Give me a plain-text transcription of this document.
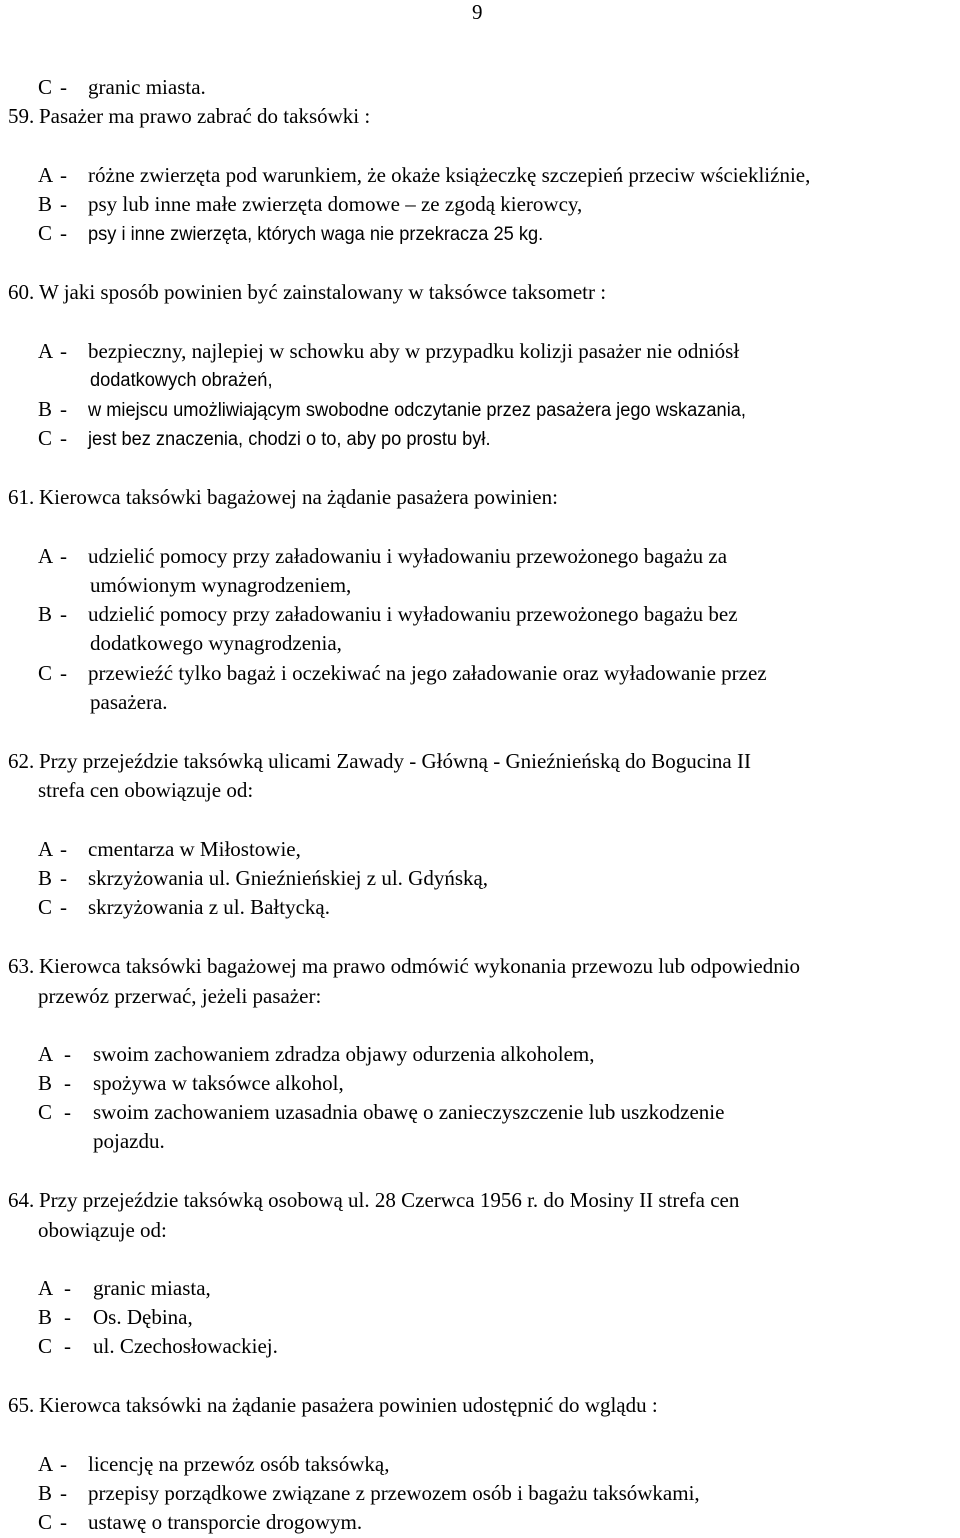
9
C - granic miasta.
59. Pasażer ma prawo zabrać do taksówki :
A - różne zwierzęta pod warunkiem, że okaże książeczkę szczepień przeciw wściekliźnie,
B - psy lub inne małe zwierzęta domowe – ze zgodą kierowcy,
C - psy i inne zwierzęta, których waga nie przekracza 25 kg.
60. W jaki sposób powinien być zainstalowany w taksówce taksometr :
A - bezpieczny, najlepiej w schowku aby w przypadku kolizji pasażer nie odniósł
dodatkowych obrażeń,
B - w miejscu umożliwiającym swobodne odczytanie przez pasażera jego wskazania,
C - jest bez znaczenia, chodzi o to, aby po prostu był.
61. Kierowca taksówki bagażowej na żądanie pasażera powinien:
A - udzielić pomocy przy załadowaniu i wyładowaniu przewożonego bagażu za
umówionym wynagrodzeniem,
B - udzielić pomocy przy załadowaniu i wyładowaniu przewożonego bagażu bez
dodatkowego wynagrodzenia,
C - przewieźć tylko bagaż i oczekiwać na jego załadowanie oraz wyładowanie przez
pasażera.
62. Przy przejeździe taksówką ulicami Zawady - Główną - Gnieźnieńską do Bogucina II
strefa cen obowiązuje od:
A - cmentarza w Miłostowie,
B - skrzyżowania ul. Gnieźnieńskiej z ul. Gdyńską,
C - skrzyżowania z ul. Bałtycką.
63. Kierowca taksówki bagażowej ma prawo odmówić wykonania przewozu lub odpowiednio
przewóz przerwać, jeżeli pasażer:
A - swoim zachowaniem zdradza objawy odurzenia alkoholem,
B - spożywa w taksówce alkohol,
C - swoim zachowaniem uzasadnia obawę o zanieczyszczenie lub uszkodzenie
pojazdu.
64. Przy przejeździe taksówką osobową ul. 28 Czerwca 1956 r. do Mosiny II strefa cen
obowiązuje od:
A - granic miasta,
B - Os. Dębina,
C - ul. Czechosłowackiej.
65. Kierowca taksówki na żądanie pasażera powinien udostępnić do wglądu :
A - licencję na przewóz osób taksówką,
B - przepisy porządkowe związane z przewozem osób i bagażu taksówkami,
C - ustawę o transporcie drogowym.
